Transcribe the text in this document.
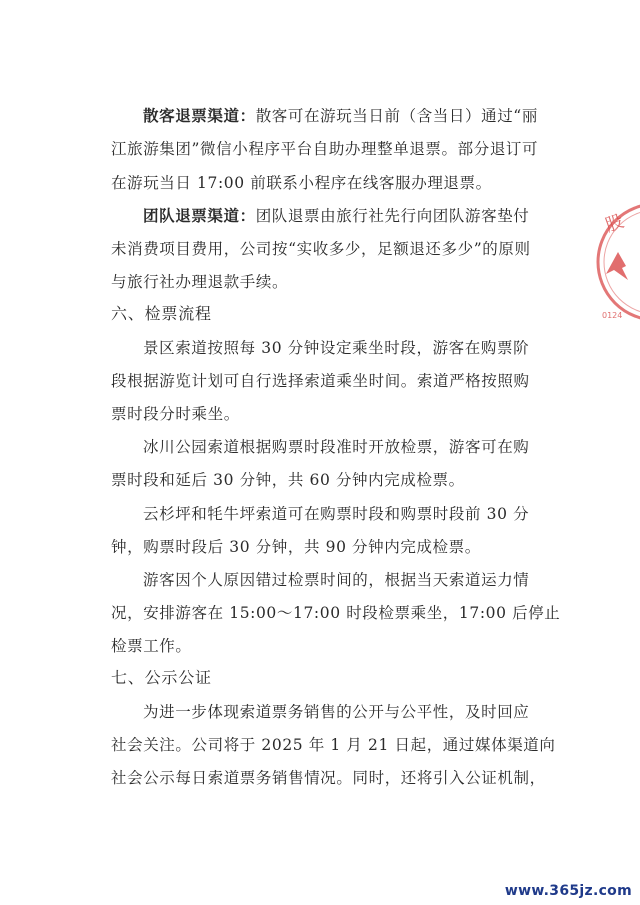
散客退票渠道：散客可在游玩当日前（含当日）通过“丽
江旅游集团”微信小程序平台自助办理整单退票。部分退订可
在游玩当日 17:00 前联系小程序在线客服办理退票。
团队退票渠道：团队退票由旅行社先行向团队游客垫付
未消费项目费用，公司按“实收多少，足额退还多少”的原则
与旅行社办理退款手续。
六、检票流程
景区索道按照每 30 分钟设定乘坐时段，游客在购票阶
段根据游览计划可自行选择索道乘坐时间。索道严格按照购
票时段分时乘坐。
冰川公园索道根据购票时段准时开放检票，游客可在购
票时段和延后 30 分钟，共 60 分钟内完成检票。
云杉坪和牦牛坪索道可在购票时段和购票时段前 30 分
钟，购票时段后 30 分钟，共 90 分钟内完成检票。
游客因个人原因错过检票时间的，根据当天索道运力情
况，安排游客在 15:00～17:00 时段检票乘坐，17:00 后停止
检票工作。
七、公示公证
为进一步体现索道票务销售的公开与公平性，及时回应
社会关注。公司将于 2025 年 1 月 21 日起，通过媒体渠道向
社会公示每日索道票务销售情况。同时，还将引入公证机制，
股
0124
www.365jz.com
